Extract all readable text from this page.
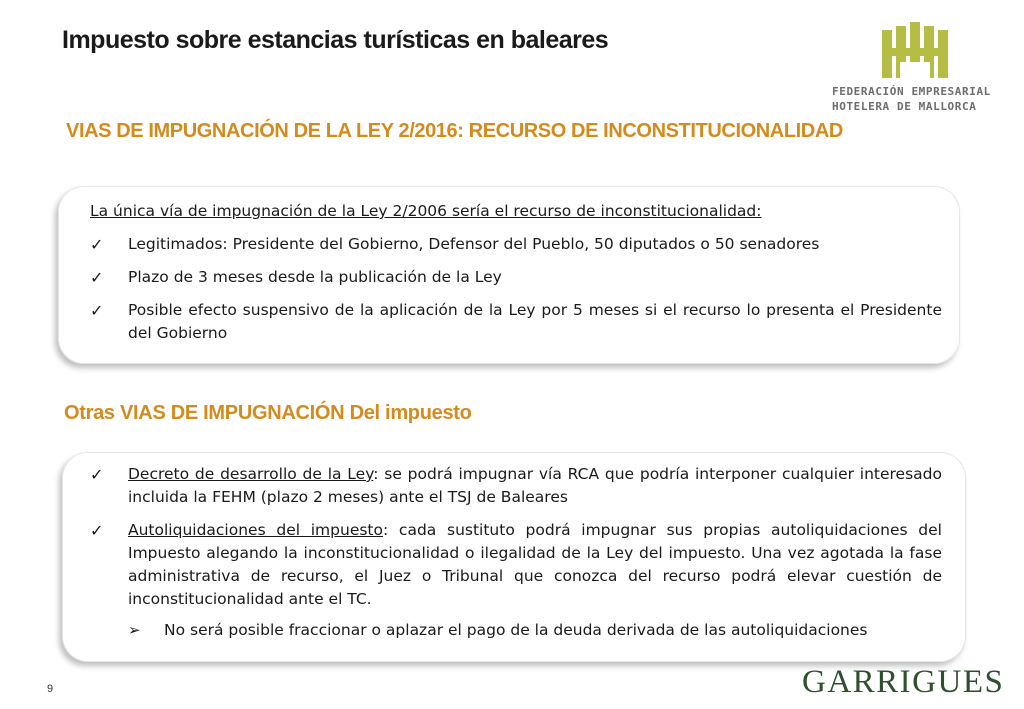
Impuesto sobre estancias turísticas en baleares
FEDERACIÓN EMPRESARIAL
HOTELERA DE MALLORCA
VIAS DE IMPUGNACIÓN DE LA LEY 2/2016: RECURSO DE INCONSTITUCIONALIDAD
La única vía de impugnación de la Ley 2/2006 sería el recurso de inconstitucionalidad:
✓	Legitimados: Presidente del Gobierno, Defensor del Pueblo, 50 diputados o 50 senadores
✓	Plazo de 3 meses desde la publicación de la Ley
✓	Posible efecto suspensivo de la aplicación de la Ley por 5 meses si el recurso lo presenta el Presidente del Gobierno
Otras VIAS DE IMPUGNACIÓN Del impuesto
✓	Decreto de desarrollo de la Ley: se podrá impugnar vía RCA que podría interponer cualquier interesado incluida la FEHM (plazo 2 meses) ante el TSJ de Baleares
✓	Autoliquidaciones del impuesto: cada sustituto podrá impugnar sus propias autoliquidaciones del Impuesto alegando la inconstitucionalidad o ilegalidad de la Ley del impuesto. Una vez agotada la fase administrativa de recurso, el Juez o Tribunal que conozca del recurso podrá elevar cuestión de inconstitucionalidad ante el TC.
➢ No será posible fraccionar o aplazar el pago de la deuda derivada de las autoliquidaciones
9	GARRIGUES
